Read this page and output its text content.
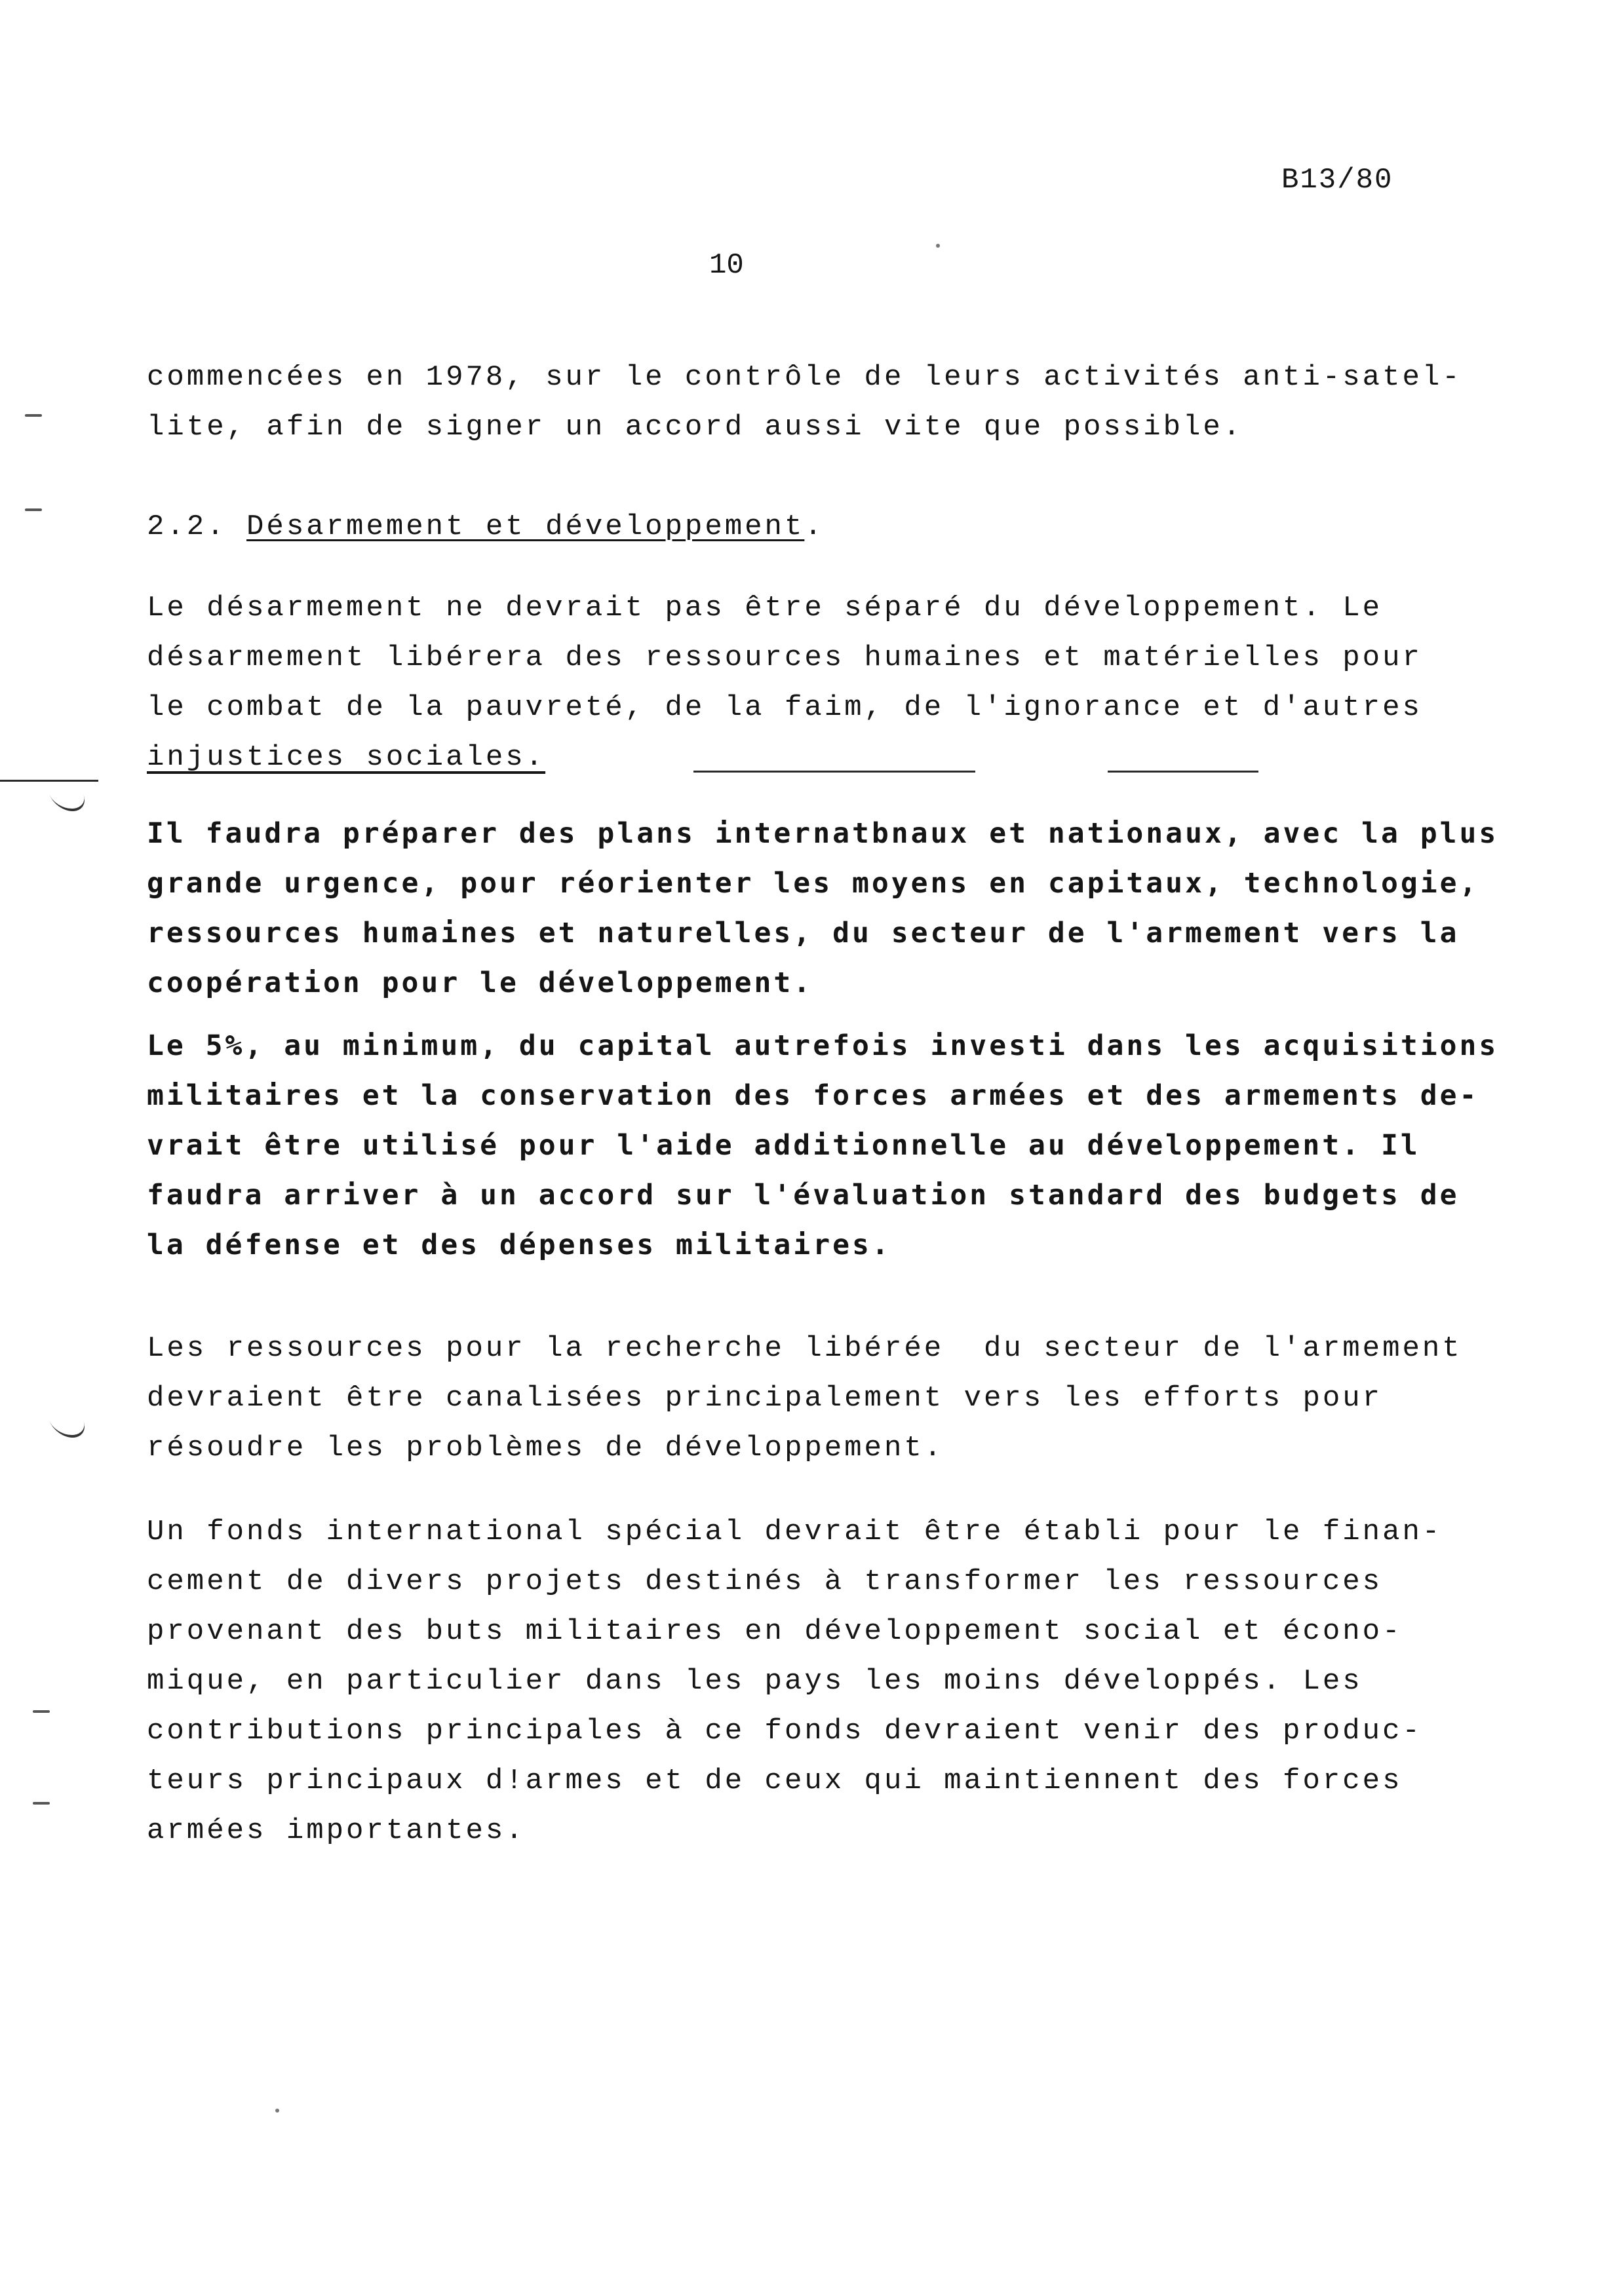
B13/80
10
commencées en 1978, sur le contrôle de leurs activités anti-satel-
lite, afin de signer un accord aussi vite que possible.
2.2. Désarmement et développement.
Le désarmement ne devrait pas être séparé du développement. Le
désarmement libérera des ressources humaines et matérielles pour
le combat de la pauvreté, de la faim, de l'ignorance et d'autres
injustices sociales.
Il faudra préparer des plans internatbnaux et nationaux, avec la plus
grande urgence, pour réorienter les moyens en capitaux, technologie,
ressources humaines et naturelles, du secteur de l'armement vers la
coopération pour le développement.
Le 5%, au minimum, du capital autrefois investi dans les acquisitions
militaires et la conservation des forces armées et des armements de-
vrait être utilisé pour l'aide additionnelle au développement. Il
faudra arriver à un accord sur l'évaluation standard des budgets de
la défense et des dépenses militaires.
Les ressources pour la recherche libérée  du secteur de l'armement
devraient être canalisées principalement vers les efforts pour
résoudre les problèmes de développement.
Un fonds international spécial devrait être établi pour le finan-
cement de divers projets destinés à transformer les ressources
provenant des buts militaires en développement social et écono-
mique, en particulier dans les pays les moins développés. Les
contributions principales à ce fonds devraient venir des produc-
teurs principaux d!armes et de ceux qui maintiennent des forces
armées importantes.
